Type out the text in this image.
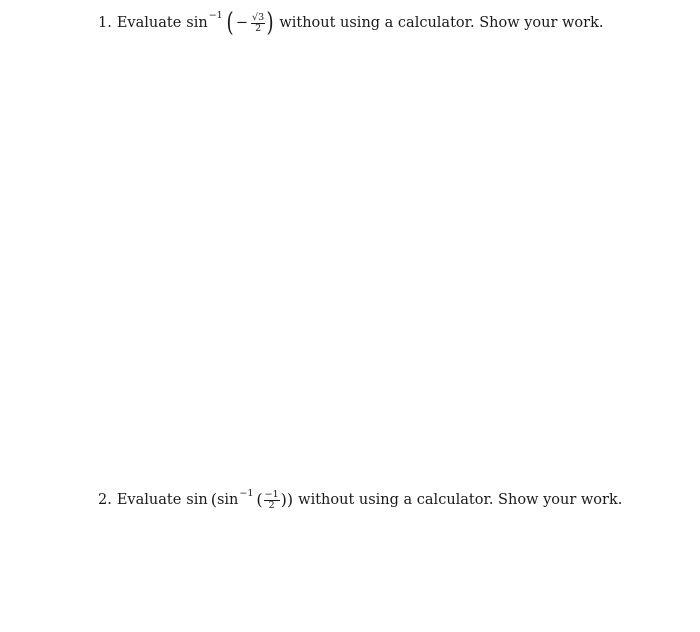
1. Evaluate sin −1 ( − $\frac{√3}{2}$ ) without using a calculator. Show your work.
2. Evaluate sin ( sin −1 ( $\frac{-1}{2}$ ) ) without using a calculator. Show your work.
